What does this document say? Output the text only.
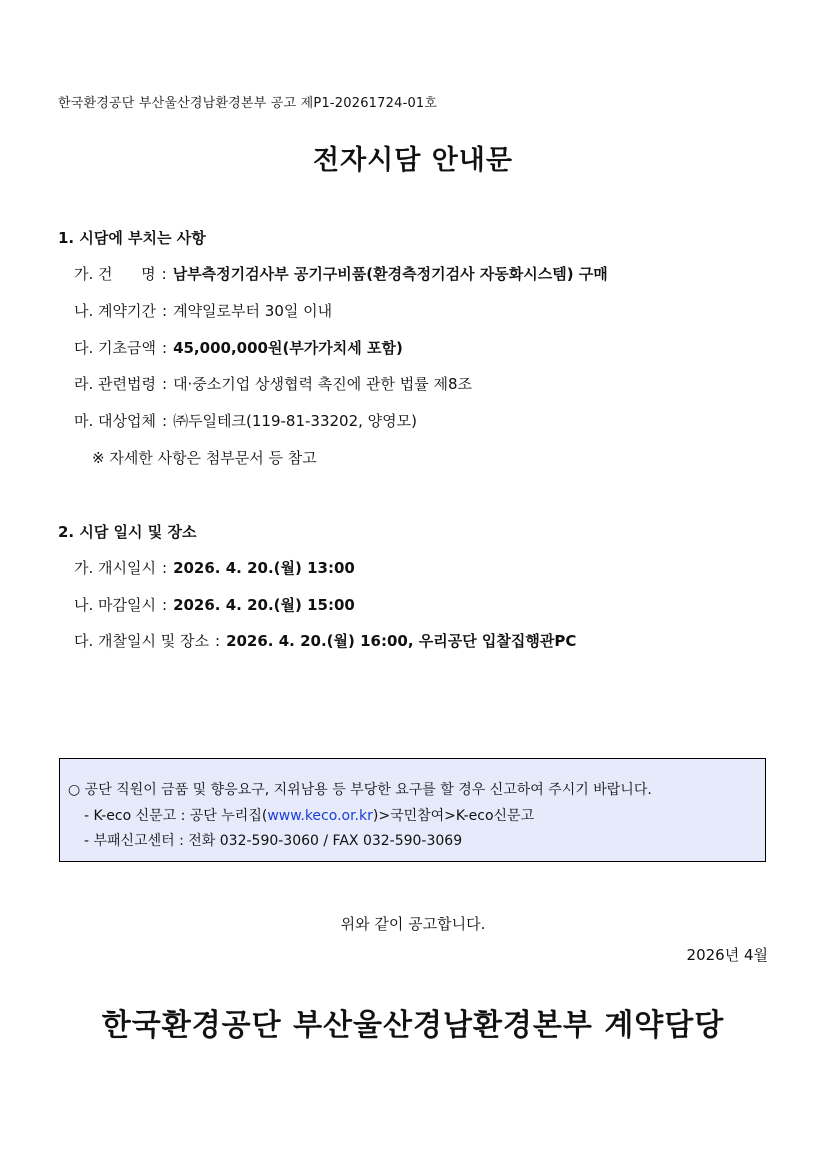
한국환경공단 부산울산경남환경본부 공고 제P1-20261724-01호
전자시담 안내문
1. 시담에 부치는 사항
가. 건      명 : 남부측정기검사부 공기구비품(환경측정기검사 자동화시스템) 구매
나. 계약기간 : 계약일로부터 30일 이내
다. 기초금액 : 45,000,000원(부가가치세 포함)
라. 관련법령 : 대·중소기업 상생협력 촉진에 관한 법률 제8조
마. 대상업체 : ㈜두일테크(119-81-33202, 양영모)
※ 자세한 사항은 첨부문서 등 참고
2. 시담 일시 및 장소
가. 개시일시 : 2026. 4. 20.(월) 13:00
나. 마감일시 : 2026. 4. 20.(월) 15:00
다. 개찰일시 및 장소 : 2026. 4. 20.(월) 16:00, 우리공단 입찰집행관PC
○ 공단 직원이 금품 및 향응요구, 지위남용 등 부당한 요구를 할 경우 신고하여 주시기 바랍니다.
- K-eco 신문고 : 공단 누리집(www.keco.or.kr)>국민참여>K-eco신문고
- 부패신고센터 : 전화 032-590-3060 / FAX 032-590-3069
위와 같이 공고합니다.
2026년 4월
한국환경공단 부산울산경남환경본부 계약담당
